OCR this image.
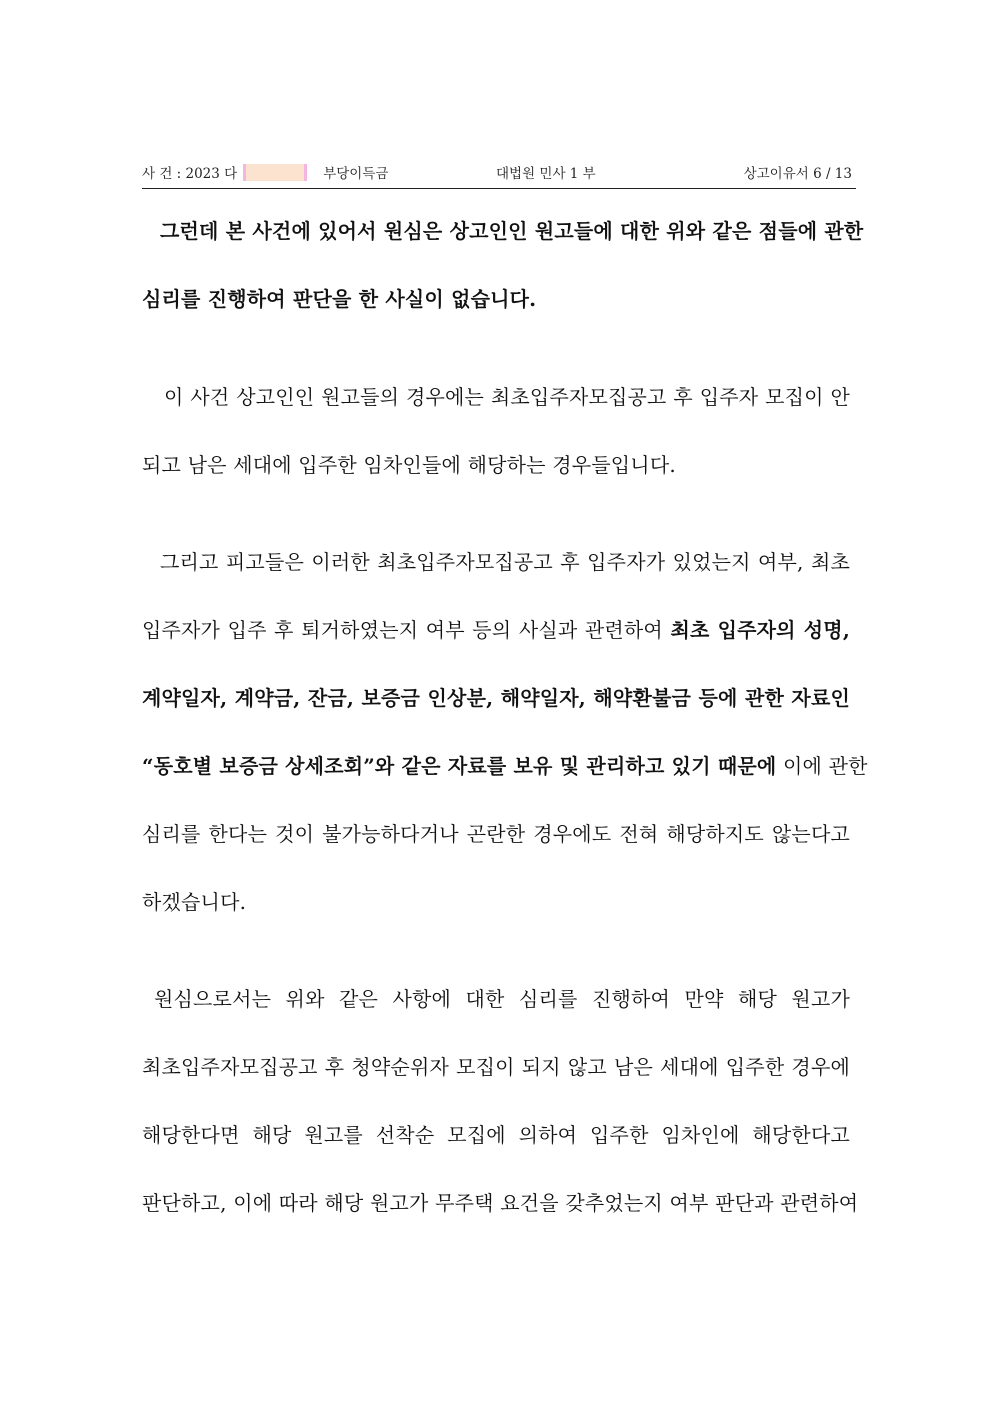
사 건 : 2023 다	부당이득금	대법원 민사 1 부	상고이유서 6 / 13
그런데 본 사건에 있어서 원심은 상고인인 원고들에 대한 위와 같은 점들에 관한
심리를 진행하여 판단을 한 사실이 없습니다.
이 사건 상고인인 원고들의 경우에는 최초입주자모집공고 후 입주자 모집이 안
되고 남은 세대에 입주한 임차인들에 해당하는 경우들입니다.
그리고 피고들은 이러한 최초입주자모집공고 후 입주자가 있었는지 여부, 최초
입주자가 입주 후 퇴거하였는지 여부 등의 사실과 관련하여 최초 입주자의 성명,
계약일자, 계약금, 잔금, 보증금 인상분, 해약일자, 해약환불금 등에 관한 자료인
“동호별 보증금 상세조회”와 같은 자료를 보유 및 관리하고 있기 때문에 이에 관한
심리를 한다는 것이 불가능하다거나 곤란한 경우에도 전혀 해당하지도 않는다고
하겠습니다.
원심으로서는 위와 같은 사항에 대한 심리를 진행하여 만약 해당 원고가
최초입주자모집공고 후 청약순위자 모집이 되지 않고 남은 세대에 입주한 경우에
해당한다면 해당 원고를 선착순 모집에 의하여 입주한 임차인에 해당한다고
판단하고, 이에 따라 해당 원고가 무주택 요건을 갖추었는지 여부 판단과 관련하여
